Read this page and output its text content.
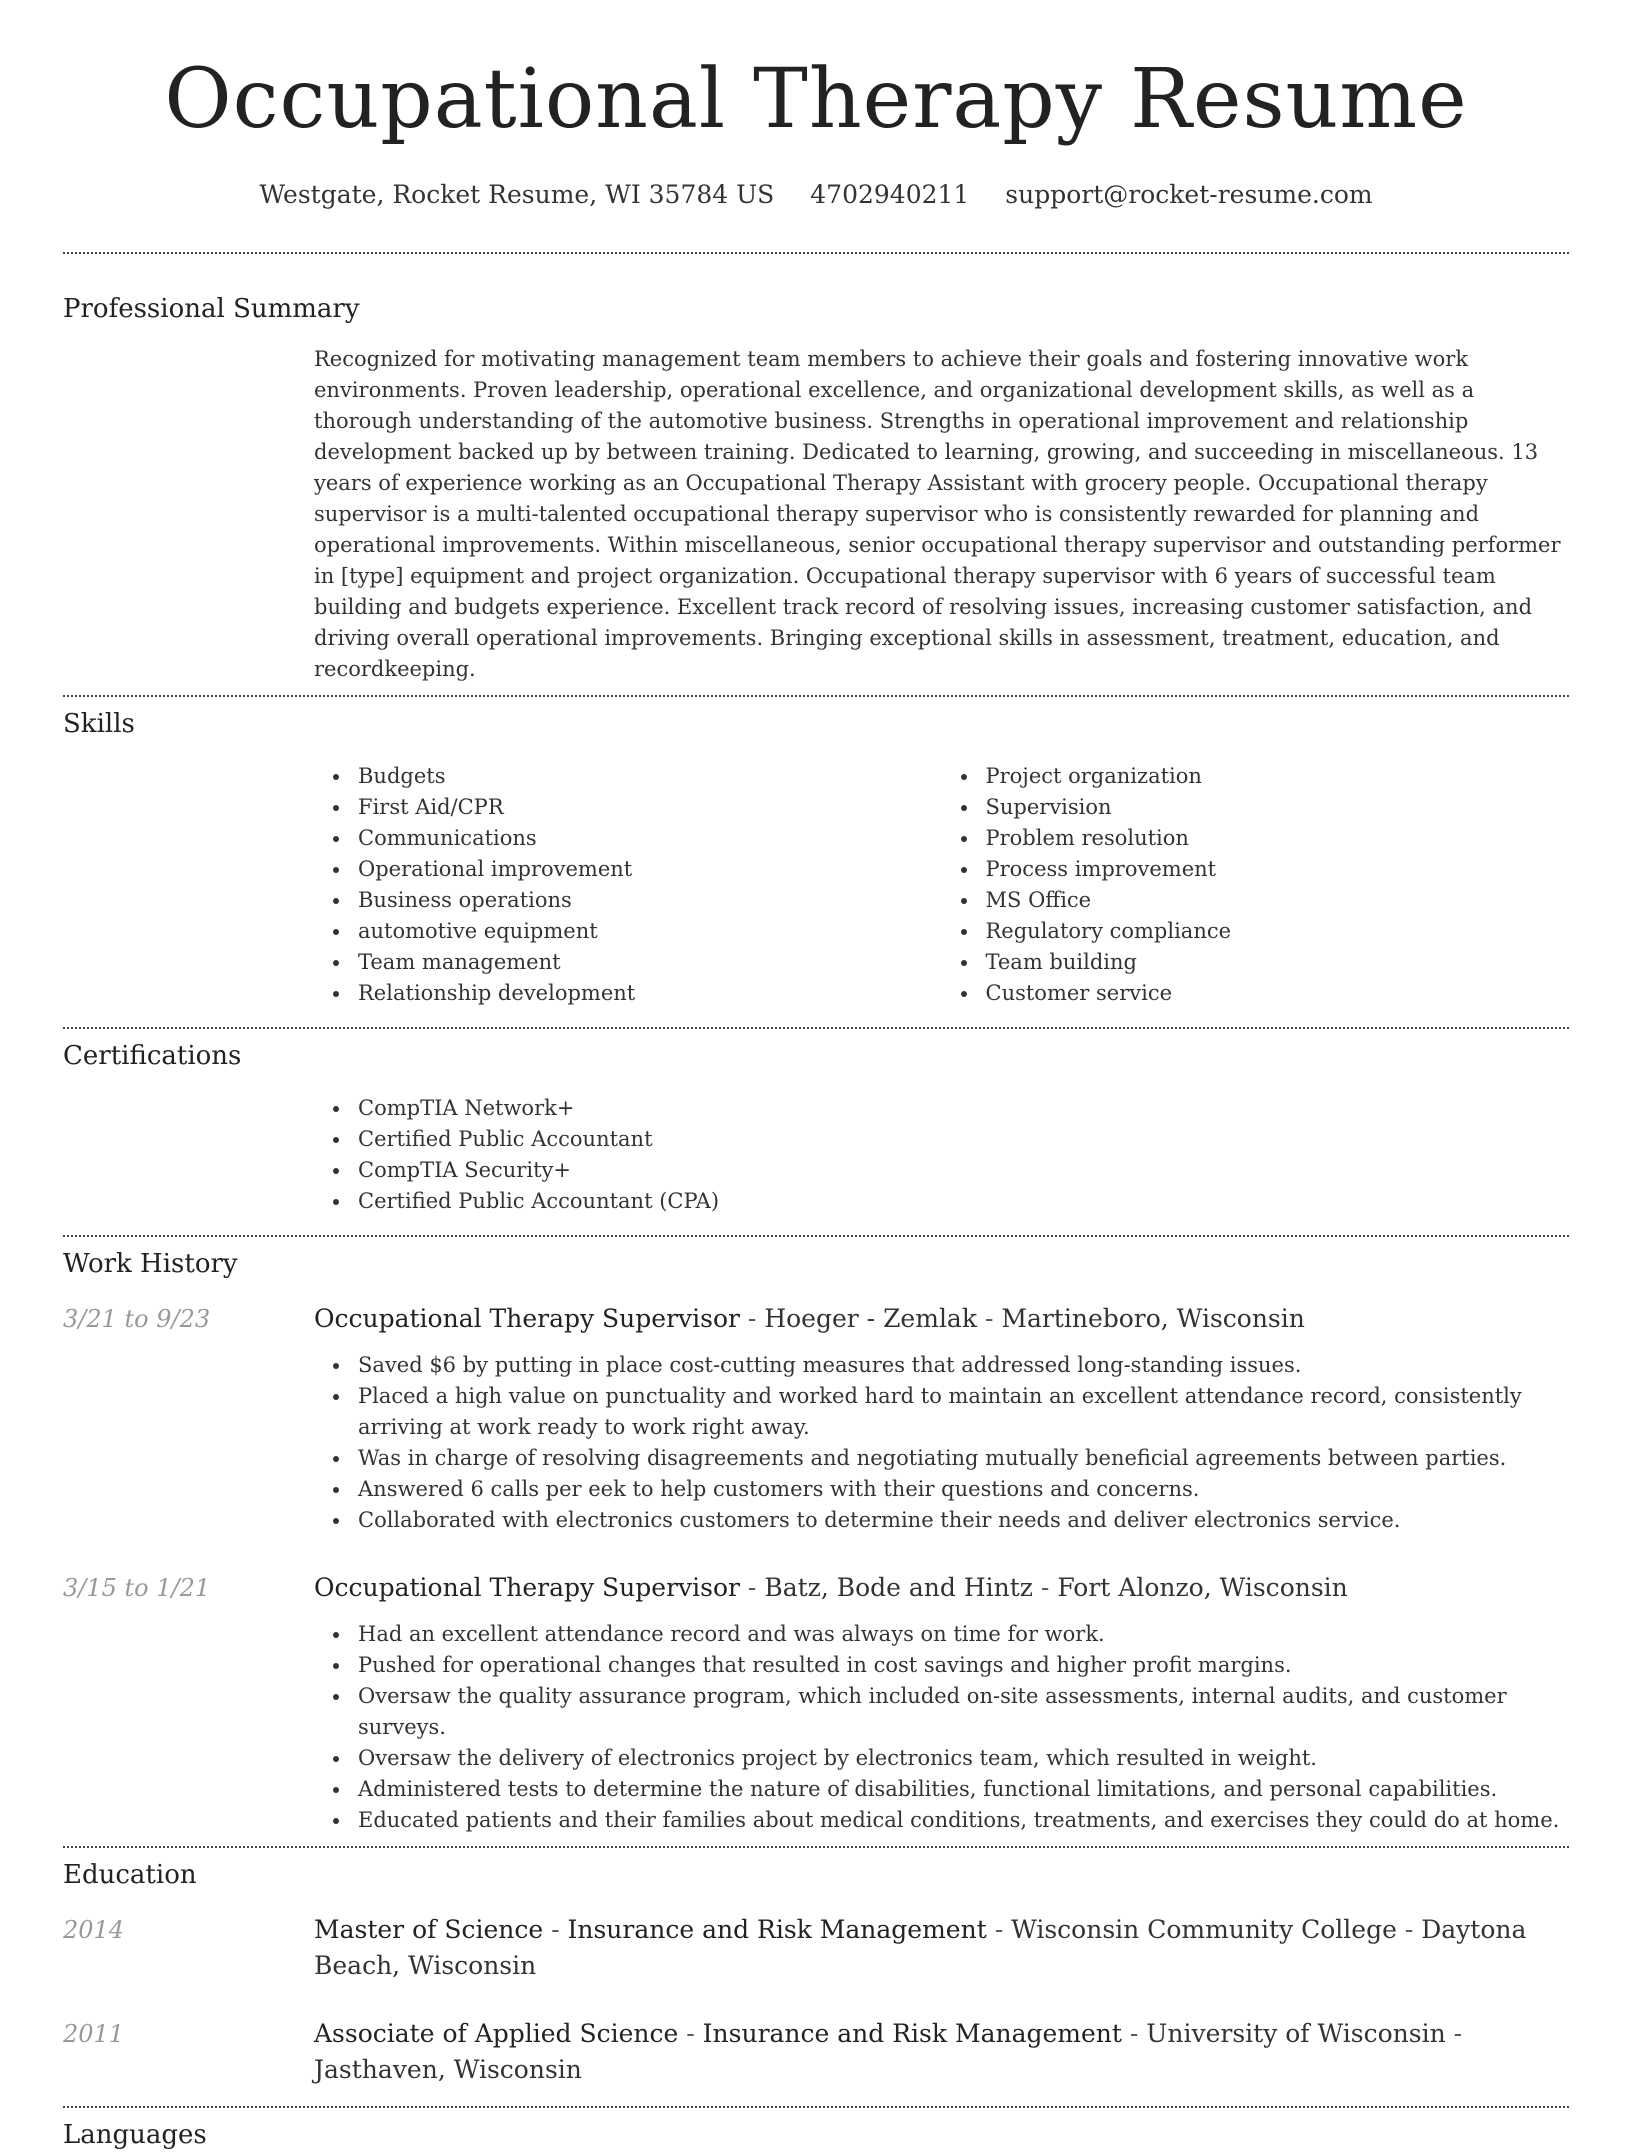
Occupational Therapy Resume
Westgate, Rocket Resume, WI 35784 US 4702940211 support@rocket-resume.com
Professional Summary

Recognized for motivating management team members to achieve their goals and fostering innovative work environments. Proven leadership, operational excellence, and organizational development skills, as well as a thorough understanding of the automotive business. Strengths in operational improvement and relationship development backed up by between training. Dedicated to learning, growing, and succeeding in miscellaneous. 13 years of experience working as an Occupational Therapy Assistant with grocery people. Occupational therapy supervisor is a multi-talented occupational therapy supervisor who is consistently rewarded for planning and operational improvements. Within miscellaneous, senior occupational therapy supervisor and outstanding performer in [type] equipment and project organization. Occupational therapy supervisor with 6 years of successful team building and budgets experience. Excellent track record of resolving issues, increasing customer satisfaction, and driving overall operational improvements. Bringing exceptional skills in assessment, treatment, education, and recordkeeping.

Skills
Budgets
First Aid/CPR
Communications
Operational improvement
Business operations
automotive equipment
Team management
Relationship development
Project organization
Supervision
Problem resolution
Process improvement
MS Office
Regulatory compliance
Team building
Customer service
Certifications
CompTIA Network+
Certified Public Accountant
CompTIA Security+
Certified Public Accountant (CPA)
Work History
3/21 to 9/23	Occupational Therapy Supervisor - Hoeger - Zemlak - Martineboro, Wisconsin
Saved $6 by putting in place cost-cutting measures that addressed long-standing issues.
Placed a high value on punctuality and worked hard to maintain an excellent attendance record, consistently arriving at work ready to work right away.
Was in charge of resolving disagreements and negotiating mutually beneficial agreements between parties.
Answered 6 calls per eek to help customers with their questions and concerns.
Collaborated with electronics customers to determine their needs and deliver electronics service.
3/15 to 1/21	Occupational Therapy Supervisor - Batz, Bode and Hintz - Fort Alonzo, Wisconsin
Had an excellent attendance record and was always on time for work.
Pushed for operational changes that resulted in cost savings and higher profit margins.
Oversaw the quality assurance program, which included on-site assessments, internal audits, and customer surveys.
Oversaw the delivery of electronics project by electronics team, which resulted in weight.
Administered tests to determine the nature of disabilities, functional limitations, and personal capabilities.
Educated patients and their families about medical conditions, treatments, and exercises they could do at home.
Education
2014	Master of Science - Insurance and Risk Management - Wisconsin Community College - Daytona Beach, Wisconsin
2011	Associate of Applied Science - Insurance and Risk Management - University of Wisconsin - Jasthaven, Wisconsin
Languages
